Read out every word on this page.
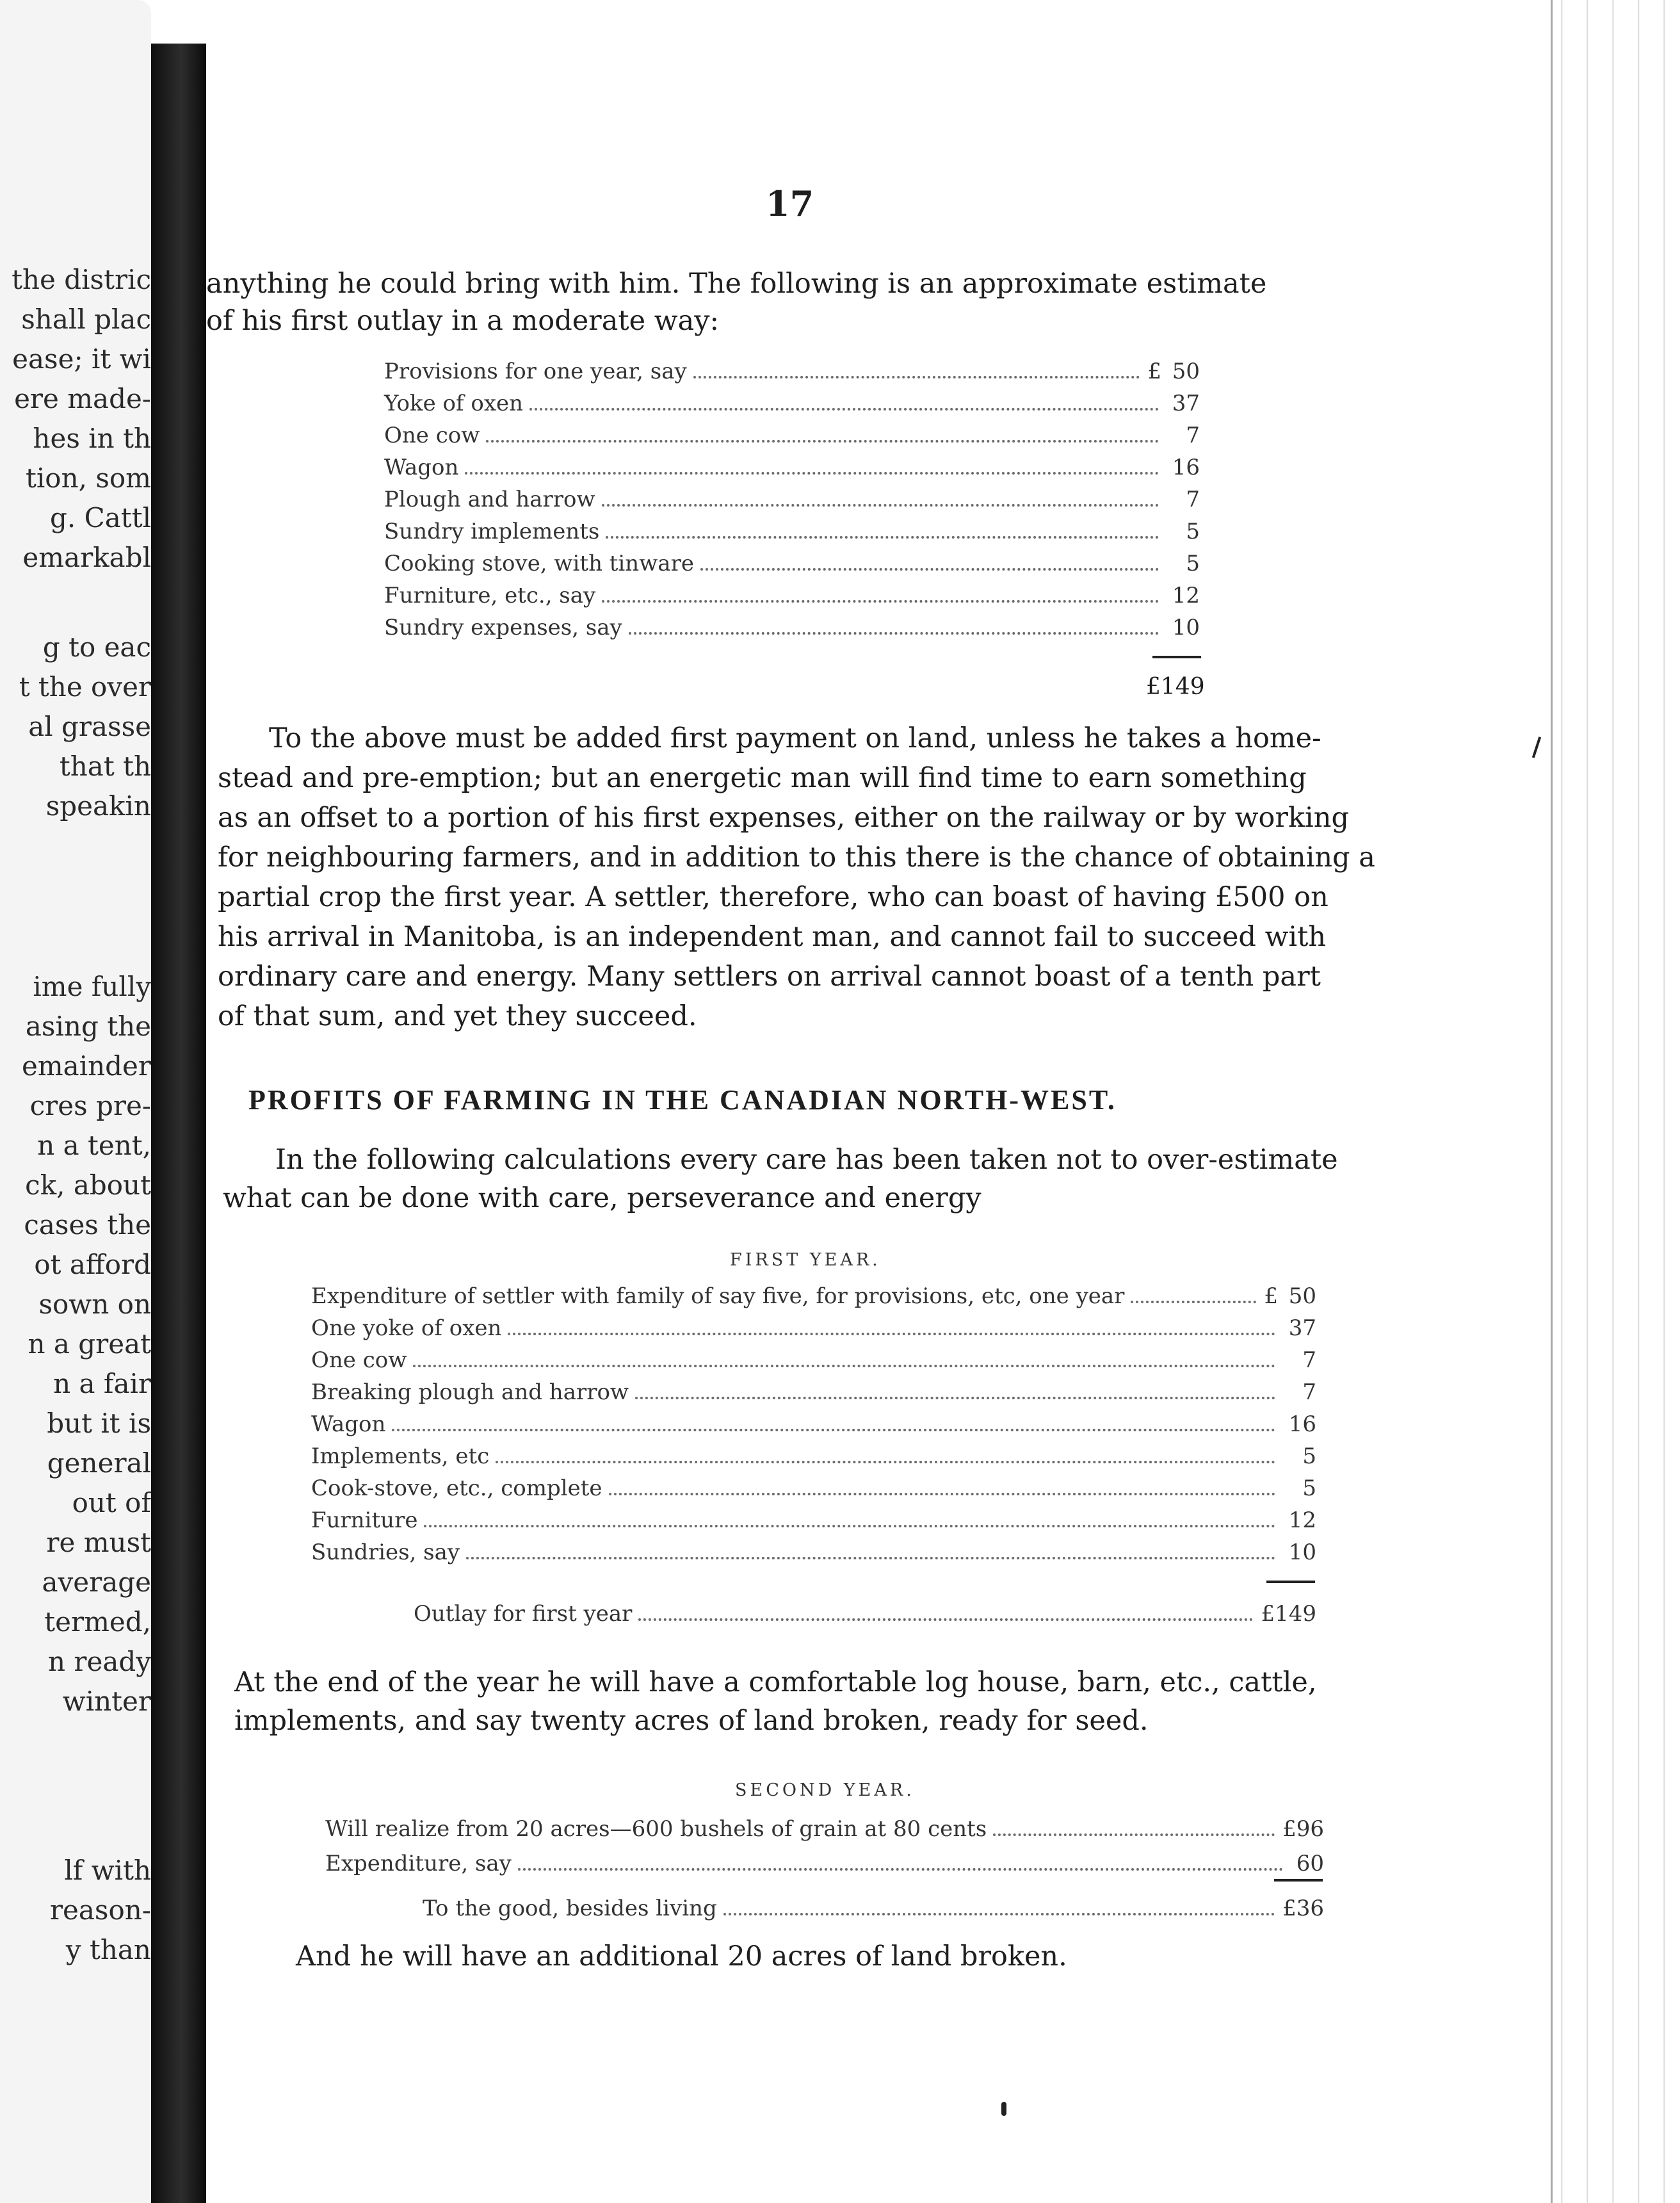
the distric
shall plac
ease; it wi
ere made-
hes in th
tion, som
g. Cattl
emarkabl
g to eac
t the over
al grasse
that th
speakin
ime fully
asing the
emainder
cres pre-
n a tent,
ck, about
cases the
ot afford
sown on
n a great
n a fair
but it is
general
out of
re must
average
termed,
n ready
winter
lf with
reason-
y than
17
anything he could bring with him. The following is an approximate estimate
of his first outlay in a moderate way:
Provisions for one year, say	£ 50
Yoke of oxen	37
One cow	7
Wagon	16
Plough and harrow	7
Sundry implements	5
Cooking stove, with tinware	5
Furniture, etc., say	12
Sundry expenses, say	10
£149
To the above must be added first payment on land, unless he takes a home-
stead and pre-emption; but an energetic man will find time to earn something
as an offset to a portion of his first expenses, either on the railway or by working
for neighbouring farmers, and in addition to this there is the chance of obtaining a
partial crop the first year. A settler, therefore, who can boast of having £500 on
his arrival in Manitoba, is an independent man, and cannot fail to succeed with
ordinary care and energy. Many settlers on arrival cannot boast of a tenth part
of that sum, and yet they succeed.
PROFITS OF FARMING IN THE CANADIAN NORTH-WEST.
In the following calculations every care has been taken not to over-estimate
what can be done with care, perseverance and energy
FIRST YEAR.
Expenditure of settler with family of say five, for provisions, etc, one year	£ 50
One yoke of oxen	37
One cow	7
Breaking plough and harrow	7
Wagon	16
Implements, etc	5
Cook-stove, etc., complete	5
Furniture	12
Sundries, say	10
Outlay for first year	£149
At the end of the year he will have a comfortable log house, barn, etc., cattle,
implements, and say twenty acres of land broken, ready for seed.
SECOND YEAR.
Will realize from 20 acres—600 bushels of grain at 80 cents	£96
Expenditure, say	60
To the good, besides living	£36
And he will have an additional 20 acres of land broken.
